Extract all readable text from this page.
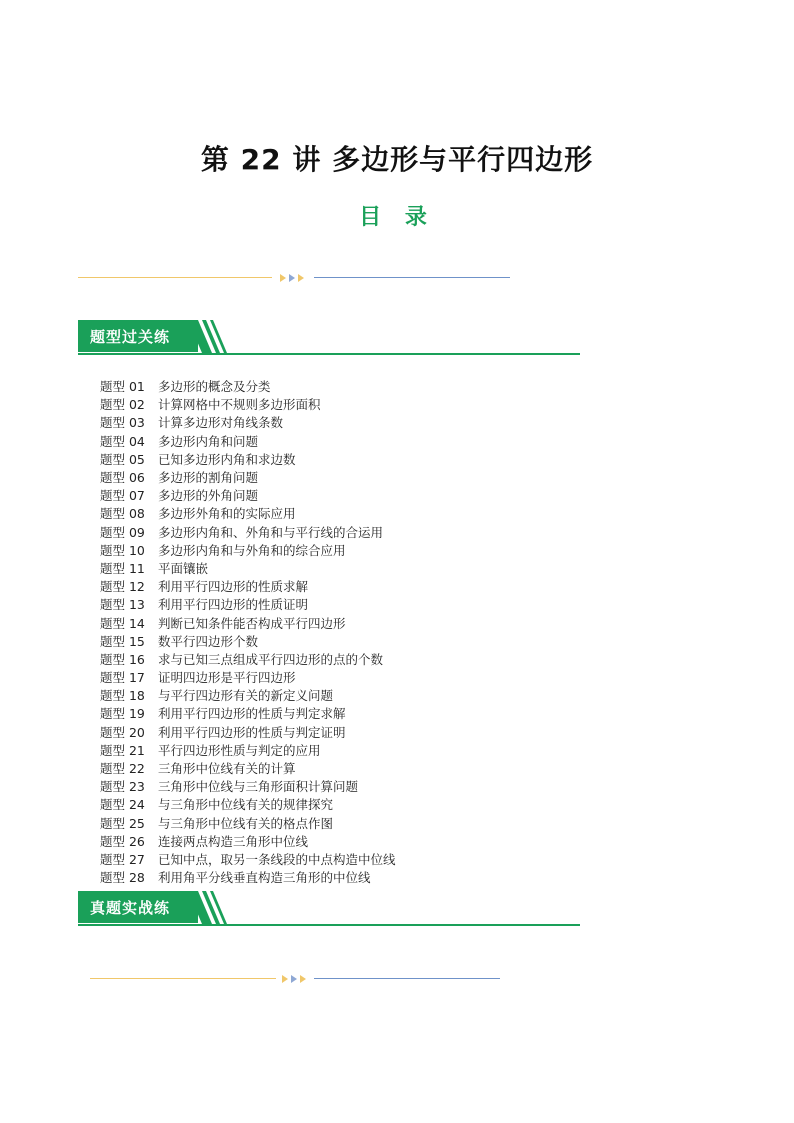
第 22 讲 多边形与平行四边形
目 录
题型过关练
题型 01	多边形的概念及分类
题型 02	计算网格中不规则多边形面积
题型 03	计算多边形对角线条数
题型 04	多边形内角和问题
题型 05	已知多边形内角和求边数
题型 06	多边形的割角问题
题型 07	多边形的外角问题
题型 08	多边形外角和的实际应用
题型 09	多边形内角和、外角和与平行线的合运用
题型 10	多边形内角和与外角和的综合应用
题型 11	平面镶嵌
题型 12	利用平行四边形的性质求解
题型 13	利用平行四边形的性质证明
题型 14	判断已知条件能否构成平行四边形
题型 15	数平行四边形个数
题型 16	求与已知三点组成平行四边形的点的个数
题型 17	证明四边形是平行四边形
题型 18	与平行四边形有关的新定义问题
题型 19	利用平行四边形的性质与判定求解
题型 20	利用平行四边形的性质与判定证明
题型 21	平行四边形性质与判定的应用
题型 22	三角形中位线有关的计算
题型 23	三角形中位线与三角形面积计算问题
题型 24	与三角形中位线有关的规律探究
题型 25	与三角形中位线有关的格点作图
题型 26	连接两点构造三角形中位线
题型 27	已知中点，取另一条线段的中点构造中位线
题型 28	利用角平分线垂直构造三角形的中位线
真题实战练
